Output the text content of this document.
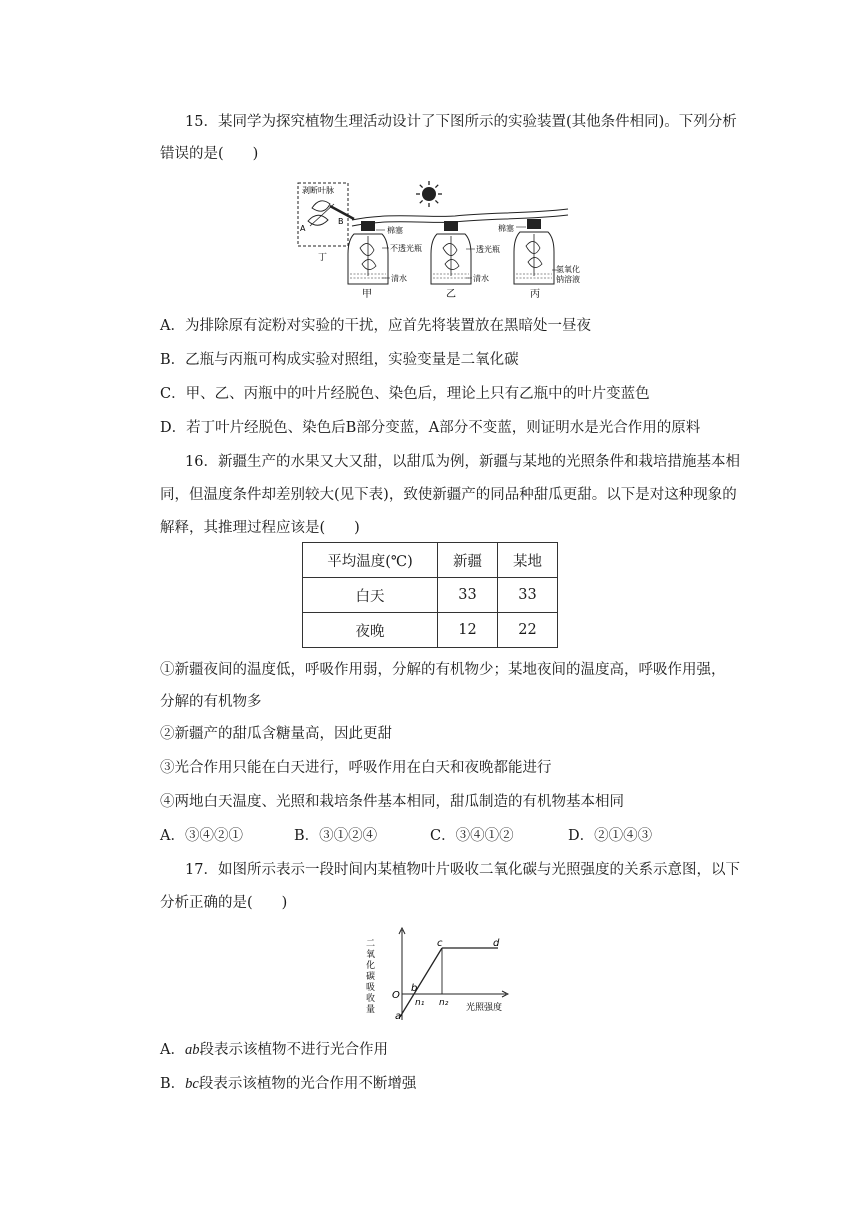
15．某同学为探究植物生理活动设计了下图所示的实验装置(其他条件相同)。下列分析
错误的是(　　)
剥断叶脉
A
B
丁
棉塞
不透光瓶
清水
甲
透光瓶
清水
乙
棉塞
氢氧化
钠溶液
丙
A．为排除原有淀粉对实验的干扰，应首先将装置放在黑暗处一昼夜
B．乙瓶与丙瓶可构成实验对照组，实验变量是二氧化碳
C．甲、乙、丙瓶中的叶片经脱色、染色后，理论上只有乙瓶中的叶片变蓝色
D．若丁叶片经脱色、染色后B部分变蓝，A部分不变蓝，则证明水是光合作用的原料
16．新疆生产的水果又大又甜，以甜瓜为例，新疆与某地的光照条件和栽培措施基本相
同，但温度条件却差别较大(见下表)，致使新疆产的同品种甜瓜更甜。以下是对这种现象的
解释，其推理过程应该是(　　)
平均温度(℃)	新疆	某地
白天	33	33
夜晚	12	22
①新疆夜间的温度低，呼吸作用弱，分解的有机物少；某地夜间的温度高，呼吸作用强，
分解的有机物多
②新疆产的甜瓜含糖量高，因此更甜
③光合作用只能在白天进行，呼吸作用在白天和夜晚都能进行
④两地白天温度、光照和栽培条件基本相同，甜瓜制造的有机物基本相同
A．③④②①	B．③①②④	C．③④①②	D．②①④③
17．如图所示表示一段时间内某植物叶片吸收二氧化碳与光照强度的关系示意图，以下
分析正确的是(　　)
二
氧
化
碳
吸
收
量
O
a
b
c	d
n₁ n₂ 光照强度
A．ab段表示该植物不进行光合作用
B．bc段表示该植物的光合作用不断增强
